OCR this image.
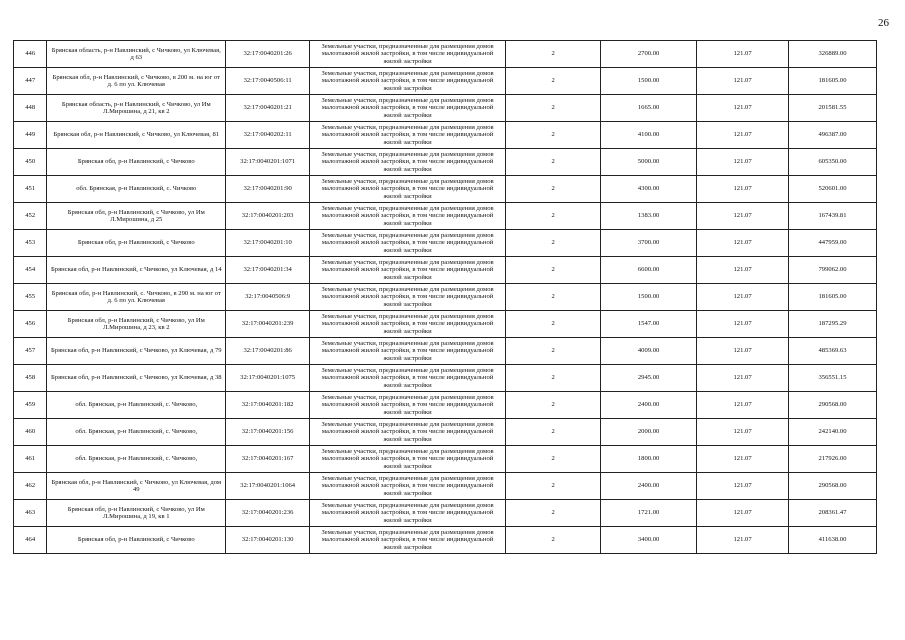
26
446	Брянская область, р-н Навлинский, с Чичково, ул Ключевая, д 63	32:17:0040201:26	Земельные участки, предназначенные для размещения домов малоэтажной жилой застройки, в том числе индивидуальной жилой застройки	2	2700.00	121.07	326889.00
447	Брянская обл, р-н Навлинский, с Чичково, в 200 м. на юг от д. 6 по ул. Ключевая	32:17:0040506:11	Земельные участки, предназначенные для размещения домов малоэтажной жилой застройки, в том числе индивидуальной жилой застройки	2	1500.00	121.07	181605.00
448	Брянская область, р-н Навлинский, с Чичково, ул Им Л.Мирошина, д 21, кв 2	32:17:0040201:21	Земельные участки, предназначенные для размещения домов малоэтажной жилой застройки, в том числе индивидуальной жилой застройки	2	1665.00	121.07	201581.55
449	Брянская обл, р-н Навлинский, с Чичково, ул Ключевая, 81	32:17:0040202:11	Земельные участки, предназначенные для размещения домов малоэтажной жилой застройки, в том числе индивидуальной жилой застройки	2	4100.00	121.07	496387.00
450	Брянская обл, р-н Навлинский, с Чичково	32:17:0040201:1071	Земельные участки, предназначенные для размещения домов малоэтажной жилой застройки, в том числе индивидуальной жилой застройки	2	5000.00	121.07	605350.00
451	обл. Брянская, р-н Навлинский, с. Чичково	32:17:0040201:90	Земельные участки, предназначенные для размещения домов малоэтажной жилой застройки, в том числе индивидуальной жилой застройки	2	4300.00	121.07	520601.00
452	Брянская обл, р-н Навлинский, с Чичково, ул Им Л.Мирошина, д 25	32:17:0040201:203	Земельные участки, предназначенные для размещения домов малоэтажной жилой застройки, в том числе индивидуальной жилой застройки	2	1383.00	121.07	167439.81
453	Брянская обл, р-н Навлинский, с Чичково	32:17:0040201:10	Земельные участки, предназначенные для размещения домов малоэтажной жилой застройки, в том числе индивидуальной жилой застройки	2	3700.00	121.07	447959.00
454	Брянская обл, р-н Навлинский, с Чичково, ул Ключевая, д 14	32:17:0040201:34	Земельные участки, предназначенные для размещения домов малоэтажной жилой застройки, в том числе индивидуальной жилой застройки	2	6600.00	121.07	799062.00
455	Брянская обл, р-н Навлинский, с. Чичково, в 290 м. на юг от д. 6 по ул. Ключевая	32:17:0040506:9	Земельные участки, предназначенные для размещения домов малоэтажной жилой застройки, в том числе индивидуальной жилой застройки	2	1500.00	121.07	181605.00
456	Брянская обл, р-н Навлинский, с Чичково, ул Им Л.Мирошина, д 23, кв 2	32:17:0040201:239	Земельные участки, предназначенные для размещения домов малоэтажной жилой застройки, в том числе индивидуальной жилой застройки	2	1547.00	121.07	187295.29
457	Брянская обл, р-н Навлинский, с Чичково, ул Ключевая, д 79	32:17:0040201:86	Земельные участки, предназначенные для размещения домов малоэтажной жилой застройки, в том числе индивидуальной жилой застройки	2	4009.00	121.07	485369.63
458	Брянская обл, р-н Навлинский, с Чичково, ул Ключевая, д 38	32:17:0040201:1075	Земельные участки, предназначенные для размещения домов малоэтажной жилой застройки, в том числе индивидуальной жилой застройки	2	2945.00	121.07	356551.15
459	обл. Брянская, р-н Навлинский, с. Чичково,	32:17:0040201:182	Земельные участки, предназначенные для размещения домов малоэтажной жилой застройки, в том числе индивидуальной жилой застройки	2	2400.00	121.07	290568.00
460	обл. Брянская, р-н Навлинский, с. Чичково,	32:17:0040201:156	Земельные участки, предназначенные для размещения домов малоэтажной жилой застройки, в том числе индивидуальной жилой застройки	2	2000.00	121.07	242140.00
461	обл. Брянская, р-н Навлинский, с. Чичково,	32:17:0040201:167	Земельные участки, предназначенные для размещения домов малоэтажной жилой застройки, в том числе индивидуальной жилой застройки	2	1800.00	121.07	217926.00
462	Брянская обл, р-н Навлинский, с Чичково, ул Ключевая, дом 49	32:17:0040201:1064	Земельные участки, предназначенные для размещения домов малоэтажной жилой застройки, в том числе индивидуальной жилой застройки	2	2400.00	121.07	290568.00
463	Брянская обл, р-н Навлинский, с Чичково, ул Им Л.Мирошина, д 19, кв 1	32:17:0040201:236	Земельные участки, предназначенные для размещения домов малоэтажной жилой застройки, в том числе индивидуальной жилой застройки	2	1721.00	121.07	208361.47
464	Брянская обл, р-н Навлинский, с Чичково	32:17:0040201:130	Земельные участки, предназначенные для размещения домов малоэтажной жилой застройки, в том числе индивидуальной жилой застройки	2	3400.00	121.07	411638.00
